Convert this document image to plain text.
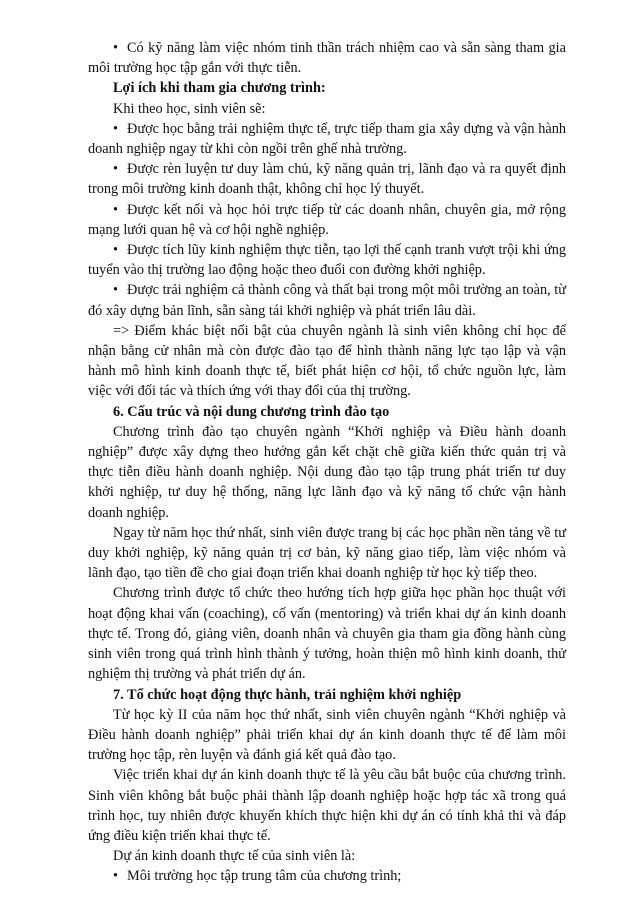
• Có kỹ năng làm việc nhóm tinh thần trách nhiệm cao và sẵn sàng tham gia môi trường học tập gắn với thực tiễn.

Lợi ích khi tham gia chương trình:

Khi theo học, sinh viên sẽ:

• Được học bằng trải nghiệm thực tế, trực tiếp tham gia xây dựng và vận hành doanh nghiệp ngay từ khi còn ngồi trên ghế nhà trường.

• Được rèn luyện tư duy làm chủ, kỹ năng quản trị, lãnh đạo và ra quyết định trong môi trường kinh doanh thật, không chỉ học lý thuyết.

• Được kết nối và học hỏi trực tiếp từ các doanh nhân, chuyên gia, mở rộng mạng lưới quan hệ và cơ hội nghề nghiệp.

• Được tích lũy kinh nghiệm thực tiễn, tạo lợi thế cạnh tranh vượt trội khi ứng tuyển vào thị trường lao động hoặc theo đuổi con đường khởi nghiệp.

• Được trải nghiệm cả thành công và thất bại trong một môi trường an toàn, từ đó xây dựng bản lĩnh, sẵn sàng tái khởi nghiệp và phát triển lâu dài.

=> Điểm khác biệt nổi bật của chuyên ngành là sinh viên không chỉ học để nhận bằng cử nhân mà còn được đào tạo để hình thành năng lực tạo lập và vận hành mô hình kinh doanh thực tế, biết phát hiện cơ hội, tổ chức nguồn lực, làm việc với đối tác và thích ứng với thay đổi của thị trường.

6. Cấu trúc và nội dung chương trình đào tạo

Chương trình đào tạo chuyên ngành “Khởi nghiệp và Điều hành doanh nghiệp” được xây dựng theo hướng gắn kết chặt chẽ giữa kiến thức quản trị và thực tiễn điều hành doanh nghiệp. Nội dung đào tạo tập trung phát triển tư duy khởi nghiệp, tư duy hệ thống, năng lực lãnh đạo và kỹ năng tổ chức vận hành doanh nghiệp.

Ngay từ năm học thứ nhất, sinh viên được trang bị các học phần nền tảng về tư duy khởi nghiệp, kỹ năng quản trị cơ bản, kỹ năng giao tiếp, làm việc nhóm và lãnh đạo, tạo tiền đề cho giai đoạn triển khai doanh nghiệp từ học kỳ tiếp theo.

Chương trình được tổ chức theo hướng tích hợp giữa học phần học thuật với hoạt động khai vấn (coaching), cố vấn (mentoring) và triển khai dự án kinh doanh thực tế. Trong đó, giảng viên, doanh nhân và chuyên gia tham gia đồng hành cùng sinh viên trong quá trình hình thành ý tưởng, hoàn thiện mô hình kinh doanh, thử nghiệm thị trường và phát triển dự án.

7. Tổ chức hoạt động thực hành, trải nghiệm khởi nghiệp

Từ học kỳ II của năm học thứ nhất, sinh viên chuyên ngành “Khởi nghiệp và Điều hành doanh nghiệp” phải triển khai dự án kinh doanh thực tế để làm môi trường học tập, rèn luyện và đánh giá kết quả đào tạo.

Việc triển khai dự án kinh doanh thực tế là yêu cầu bắt buộc của chương trình. Sinh viên không bắt buộc phải thành lập doanh nghiệp hoặc hợp tác xã trong quá trình học, tuy nhiên được khuyến khích thực hiện khi dự án có tính khả thi và đáp ứng điều kiện triển khai thực tế.

Dự án kinh doanh thực tế của sinh viên là:

• Môi trường học tập trung tâm của chương trình;
